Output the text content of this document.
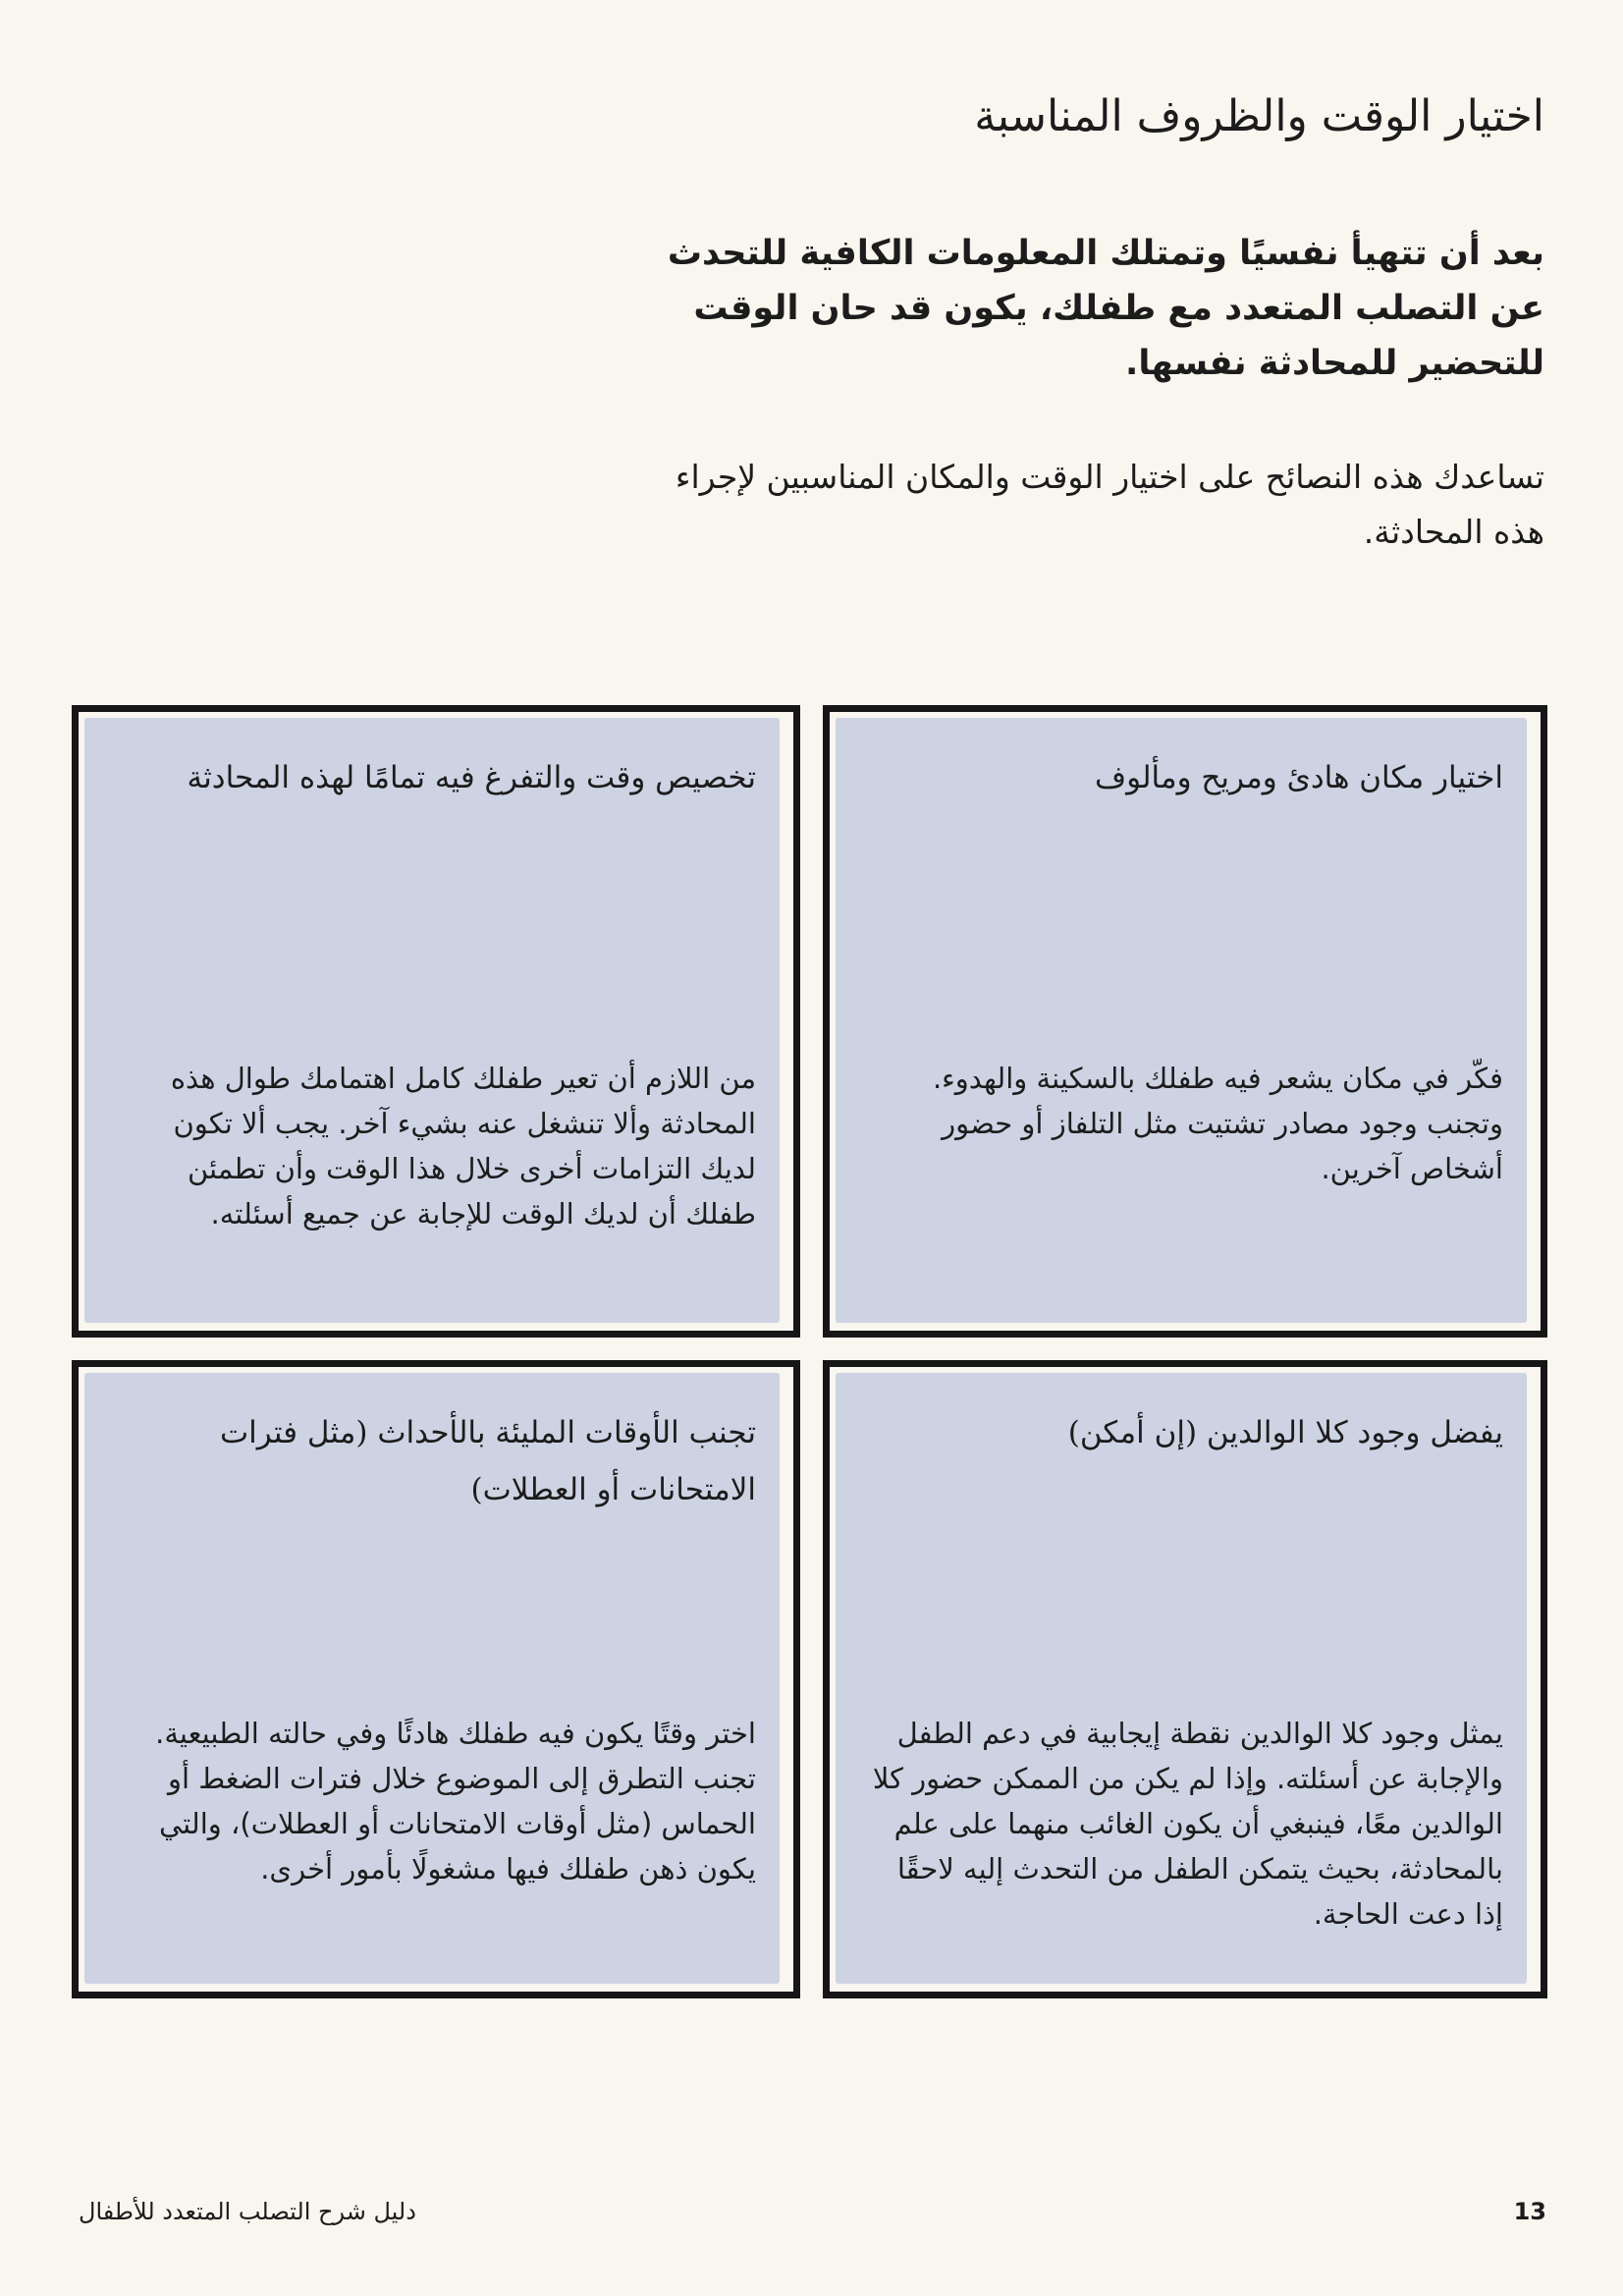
اختيار الوقت والظروف المناسبة

بعد أن تتهيأ نفسيًا وتمتلك المعلومات الكافية للتحدث عن التصلب المتعدد مع طفلك، يكون قد حان الوقت للتحضير للمحادثة نفسها.

تساعدك هذه النصائح على اختيار الوقت والمكان المناسبين لإجراء هذه المحادثة.

اختيار مكان هادئ ومريح ومألوف

فكّر في مكان يشعر فيه طفلك بالسكينة والهدوء. وتجنب وجود مصادر تشتيت مثل التلفاز أو حضور أشخاص آخرين.

تخصيص وقت والتفرغ فيه تمامًا لهذه المحادثة

من اللازم أن تعير طفلك كامل اهتمامك طوال هذه المحادثة وألا تنشغل عنه بشيء آخر. يجب ألا تكون لديك التزامات أخرى خلال هذا الوقت وأن تطمئن طفلك أن لديك الوقت للإجابة عن جميع أسئلته.

يفضل وجود كلا الوالدين (إن أمكن)

يمثل وجود كلا الوالدين نقطة إيجابية في دعم الطفل والإجابة عن أسئلته. وإذا لم يكن من الممكن حضور كلا الوالدين معًا، فينبغي أن يكون الغائب منهما على علم بالمحادثة، بحيث يتمكن الطفل من التحدث إليه لاحقًا إذا دعت الحاجة.

تجنب الأوقات المليئة بالأحداث (مثل فترات الامتحانات أو العطلات)

اختر وقتًا يكون فيه طفلك هادئًا وفي حالته الطبيعية. تجنب التطرق إلى الموضوع خلال فترات الضغط أو الحماس (مثل أوقات الامتحانات أو العطلات)، والتي يكون ذهن طفلك فيها مشغولًا بأمور أخرى.

13
دليل شرح التصلب المتعدد للأطفال
